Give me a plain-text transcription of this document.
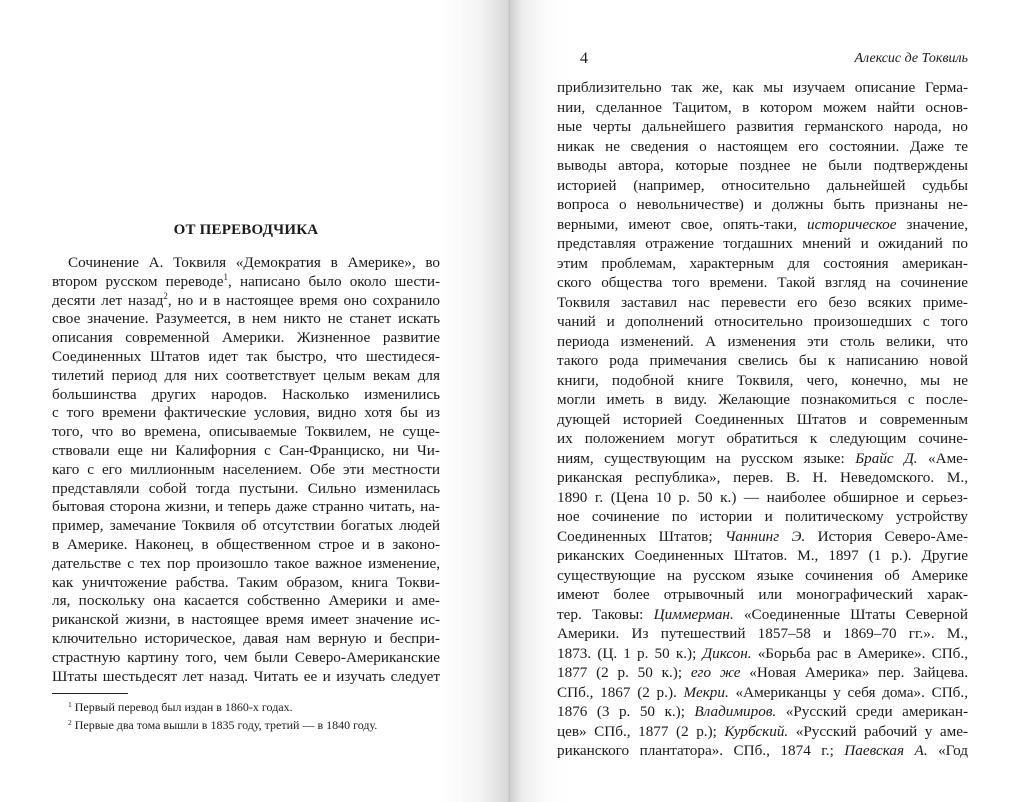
ОТ ПЕРЕВОДЧИКА
Сочинение А. Токвиля «Демократия в Америке», во
втором русском переводе$^1$, написано было около шести-
десяти лет назад$^2$, но и в настоящее время оно сохранило
свое значение. Разумеется, в нем никто не станет искать
описания современной Америки. Жизненное развитие
Соединенных Штатов идет так быстро, что шестидеся-
тилетий период для них соответствует целым векам для
большинства других народов. Насколько изменились
с того времени фактические условия, видно хотя бы из
того, что во времена, описываемые Токвилем, не суще-
ствовали еще ни Калифорния с Сан-Франциско, ни Чи-
каго с его миллионным населением. Обе эти местности
представляли собой тогда пустыни. Сильно изменилась
бытовая сторона жизни, и теперь даже странно читать, на-
пример, замечание Токвиля об отсутствии богатых людей
в Америке. Наконец, в общественном строе и в законо-
дательстве с тех пор произошло такое важное изменение,
как уничтожение рабства. Таким образом, книга Токви-
ля, поскольку она касается собственно Америки и аме-
риканской жизни, в настоящее время имеет значение ис-
ключительно историческое, давая нам верную и беспри-
страстную картину того, чем были Северо-Американские
Штаты шестьдесят лет назад. Читать ее и изучать следует
$^1$ Первый перевод был издан в 1860-х годах.
$^2$ Первые два тома вышли в 1835 году, третий — в 1840 году.
4	Алексис де Токвиль
приблизительно так же, как мы изучаем описание Герма-
нии, сделанное Тацитом, в котором можем найти основ-
ные черты дальнейшего развития германского народа, но
никак не сведения о настоящем его состоянии. Даже те
выводы автора, которые позднее не были подтверждены
историей (например, относительно дальнейшей судьбы
вопроса о невольничестве) и должны быть признаны не-
верными, имеют свое, опять-таки, историческое значение,
представляя отражение тогдашних мнений и ожиданий по
этим проблемам, характерным для состояния американ-
ского общества того времени. Такой взгляд на сочинение
Токвиля заставил нас перевести его безо всяких приме-
чаний и дополнений относительно произошедших с того
периода изменений. А изменения эти столь велики, что
такого рода примечания свелись бы к написанию новой
книги, подобной книге Токвиля, чего, конечно, мы не
могли иметь в виду. Желающие познакомиться с после-
дующей историей Соединенных Штатов и современным
их положением могут обратиться к следующим сочине-
ниям, существующим на русском языке: Брайс Д. «Аме-
риканская республика», перев. В. Н. Неведомского. М.,
1890 г. (Цена 10 р. 50 к.) — наиболее обширное и серьез-
ное сочинение по истории и политическому устройству
Соединенных Штатов; Чаннинг Э. История Северо-Аме-
риканских Соединенных Штатов. М., 1897 (1 р.). Другие
существующие на русском языке сочинения об Америке
имеют более отрывочный или монографический харак-
тер. Таковы: Циммерман. «Соединенные Штаты Северной
Америки. Из путешествий 1857–58 и 1869–70 гг.». М.,
1873. (Ц. 1 р. 50 к.); Диксон. «Борьба рас в Америке». СПб.,
1877 (2 р. 50 к.); его же «Новая Америка» пер. Зайцева.
СПб., 1867 (2 р.). Мекри. «Американцы у себя дома». СПб.,
1876 (3 р. 50 к.); Владимиров. «Русский среди американ-
цев» СПб., 1877 (2 р.); Курбский. «Русский рабочий у аме-
риканского плантатора». СПб., 1874 г.; Паевская А. «Год
